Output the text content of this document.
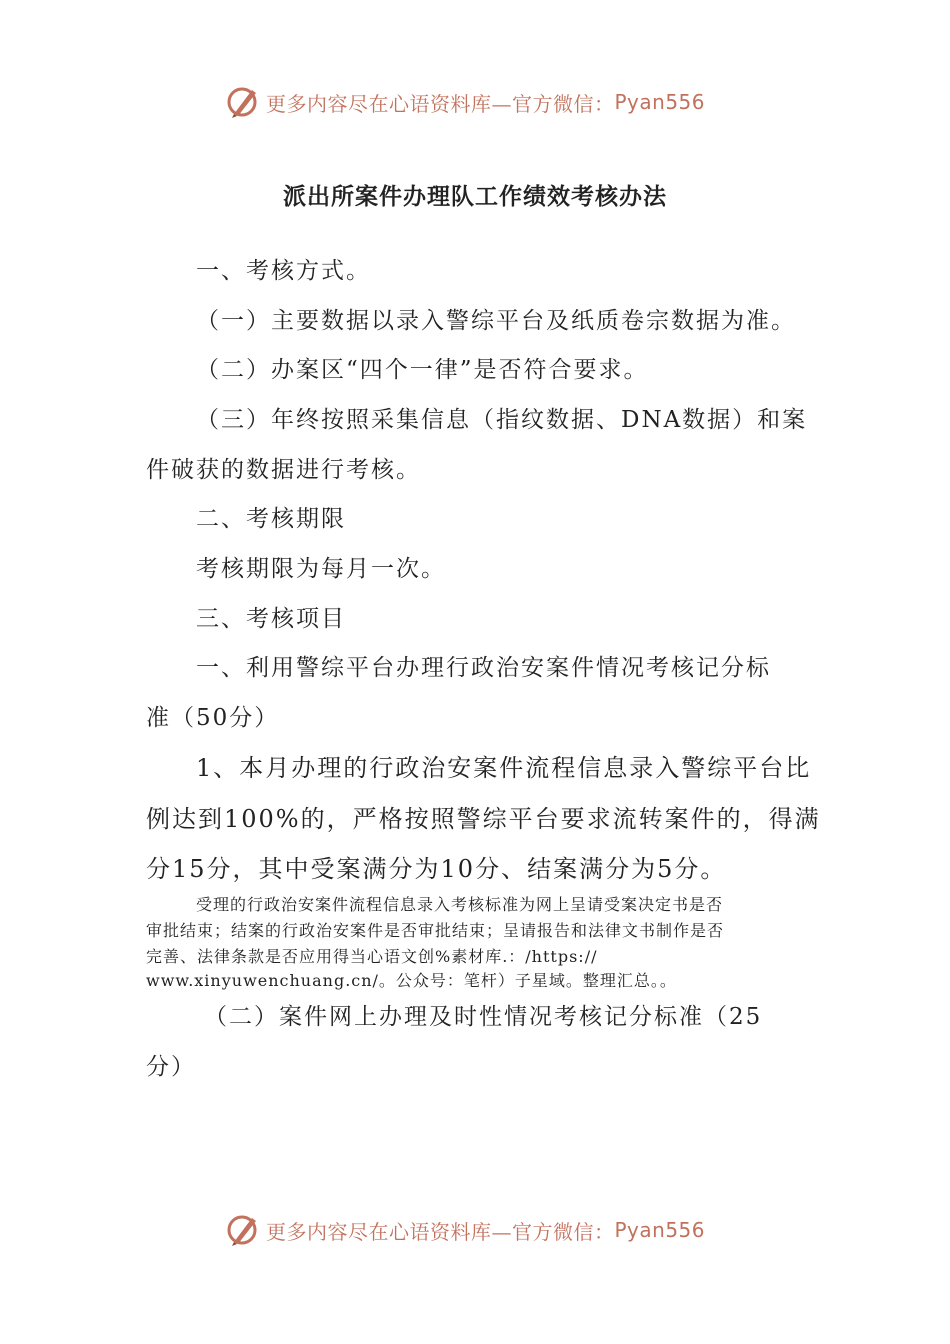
更多内容尽在心语资料库—官方微信： Pyan556
派出所案件办理队工作绩效考核办法

一、考核方式。

（一）主要数据以录入警综平台及纸质卷宗数据为准。

（二）办案区“四个一律”是否符合要求。

（三）年终按照采集信息（指纹数据、DNA数据）和案

件破获的数据进行考核。

二、考核期限

考核期限为每月一次。

三、考核项目

一、利用警综平台办理行政治安案件情况考核记分标

准（50分）

1、本月办理的行政治安案件流程信息录入警综平台比

例达到100%的，严格按照警综平台要求流转案件的，得满

分15分，其中受案满分为10分、结案满分为5分。

受理的行政治安案件流程信息录入考核标准为网上呈请受案决定书是否

审批结束；结案的行政治安案件是否审批结束；呈请报告和法律文书制作是否

完善、法律条款是否应用得当心语文创%素材库.：/https://

www.xinyuwenchuang.cn/。公众号：笔杆）子星域。整理汇总。。

（二）案件网上办理及时性情况考核记分标准（25

分）

更多内容尽在心语资料库—官方微信： Pyan556
